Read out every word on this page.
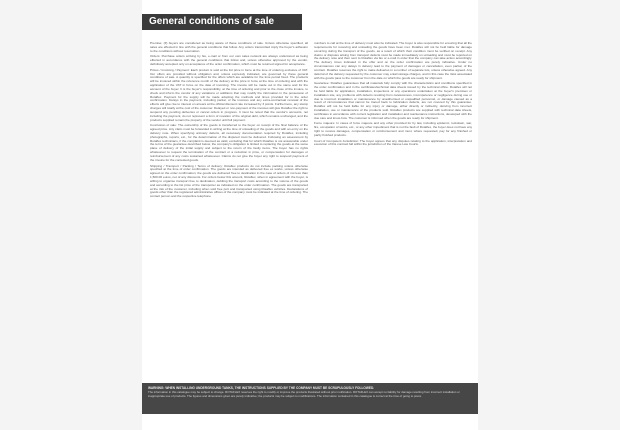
General conditions of sale

Premise: (If) buyers are considered as being aware of these conditions of sale. Unless otherwise specified, all sales are effected in line with the general conditions that follow. Any orders transmitted imply the buyer's adhesion to the conditions without reservation.

Orders: Purchase orders arriving by fax, e-mail or from our own sales network are always understood as being effected in accordance with the general conditions that follow and, unless otherwise approved by the vendor, definitively accepted only on acceptance of the order confirmation, which must be returned signed for acceptance.

Prices / Invoicing / Payment: Each product is sold at the list price in force at the time of ordering exclusive of VAT. Our offers are provided without obligation and, unless expressly indicated, are governed by these general conditions of sale. A quantity is specified for the offers which are available for the time period fixed. The products will be invoiced within the reference month of the delivery at the price in force at the time of ordering and with the application of the VAT in force on the date of invoicing. The invoice will be made out in the name and for the account of the buyer. It is the buyer's responsibility, at the time of ordering and prior to the close of the invoice, to check and inform the vendor of any variations or additions that may modify the information in the possession of Rotaflex. Payment for the supply will be made adopting the methods and times provided for in the order confirmation. Delays in the payment, including partial, of the invoices and any extra-contractual renewal of the effects will give rise to interest on arrears at the official discount rate increased by 3 points. Furthermore, any stamp charges will totally at the cost of the customer. Delayed or non-payment of the invoices will give Rotaflex the right to suspend any pending deliveries or cancel orders in progress. It must be noted that the vendor's accounts, not including the payment, do not represent a form of novation of the original debt, which remains unchanged, and the products supplied remain the property of the vendor until full payment.

Conclusion of sale: The ownership of the goods is transferred to the buyer on receipt of the final balance of the agreed price. Any claim must be forwarded in writing at the time of unloading of the goods and with an entry on the delivery note. When specifying untimely defects, all necessary documentation required by Rotaflex, including photographs, reports, etc., for the determination of the disputed must be delivered. Following an assessment by Rotaflex technicians, if the complaint is deemed as valid, excluding that for which Rotaflex is not answerable under the terms of the guarantee described below, the company's obligation is limited to replacing the goods at the same place of delivery of the initial supply and subject to the return of the faulty items. The buyer has no rights whatsoever to request the termination of the contract or a reduction in price, or compensation for damages or reimbursement of any costs sustained whatsoever. Claims do not give the buyer any right to suspend payment of the invoice for the contested goods.

Shipping / Transport / Packing / Terms of delivery: Rotaflex products do not include packing unless otherwise specified at the time of order confirmation. The goods are intended as delivered free ex works, unless otherwise agreed on the order confirmation; the goods are delivered free to destination in the case of orders of not less than 1,500.00 euros, net of any discounts. For orders below this amount, Rotaflex, when in agreement with the buyer, is willing to organise transport free to destination, debiting the transport costs according to the volume of the goods and according to the list price of the transporter as indicated on the order confirmation. The goods are transported at the risk of the customer, including when sold free port and transported using Rotaflex vehicles. Declarations of goods other than the registered administrative offices of the company must be indicated at the time of ordering. The contact person and the respective telephone

numbers to call at the time of delivery must also be indicated. The buyer is also responsible for ensuring that all the requirements for receiving and unloading the goods have been met. Rotaflex will not be held liable for damage occurring during the transport of the goods, as a result of which their condition must be verified on receipt. Any claims or disputes arising from transport defects must be made immediately on unloading and must be reported on the delivery note and then sent to Rotaflex via fax or e-mail in order that the company can take action accordingly. The delivery times indicated in the offer and on the order confirmation are purely indicative. Under no circumstances can any delays in delivery lead to the payment of damages or cancellation, even partial, of the contract. Rotaflex reserves the right to make deliveries in a number of separate lots, unless otherwise agreed. Any deferral of the delivery requested by the customer may entail storage charges, and in this case the risks associated with the goods pass to the customer from the date on which the goods are ready for shipment.

Guarantee: Rotaflex guarantees that all materials fully comply with the characteristics and conditions specified in the order confirmation and in the certificates/technical data sheets issued by the technical office. Rotaflex will not be held liable for application, installation, inspections or any operations undertaken at the buyer's premises or installation site, any problems with defects resulting from carelessness, incompetence or negligence during use or due to incorrect installation or maintenance by unauthorised or unqualified personnel, or damage caused as a result of circumstances that cannot be traced back to fabrication defects, are not covered by this guarantee. Rotaflex will not be held liable for any injury or damage, either directly or indirectly, deriving from incorrect installation, use or maintenance of the products sold. Rotaflex products are supplied with technical data sheets, certificates in accordance with current legislation and installation and maintenance instructions, developed with the due care and know-how. The customer is informed when the goods are ready for shipment.

Force majeure: In cases of force majeure and any other provided for by law, including epidemic, lockdown, war, fire, occupation of works, etc., or any other impediment that is not the fault of Rotaflex, the buyer does not have any right to receive damages, compensation or reimbursement and must, where requested, pay for any finished or partly finished products.

Court of Competent Jurisdiction: The buyer agrees that any disputes relating to the application, interpretation and execution of this contract fall within the jurisdiction of the Varese Law Courts.

WARNING: WHEN INSTALLING UNDERGROUND TANKS, THE INSTRUCTIONS SUPPLIED BY THE COMPANY MUST BE SCRUPULOUSLY FOLLOWED.

The information in this catalogue may be subject to change. ROTAFLEX reserves the right to modify or improve the products illustrated without prior notification. ROTAFLEX can accept no liability for damage resulting from incorrect installation or inappropriate use of products. The figures and dimensions given are purely indicative; the products may be subject to modifications. The information contained in this catalogue is correct at the time of going to press.
